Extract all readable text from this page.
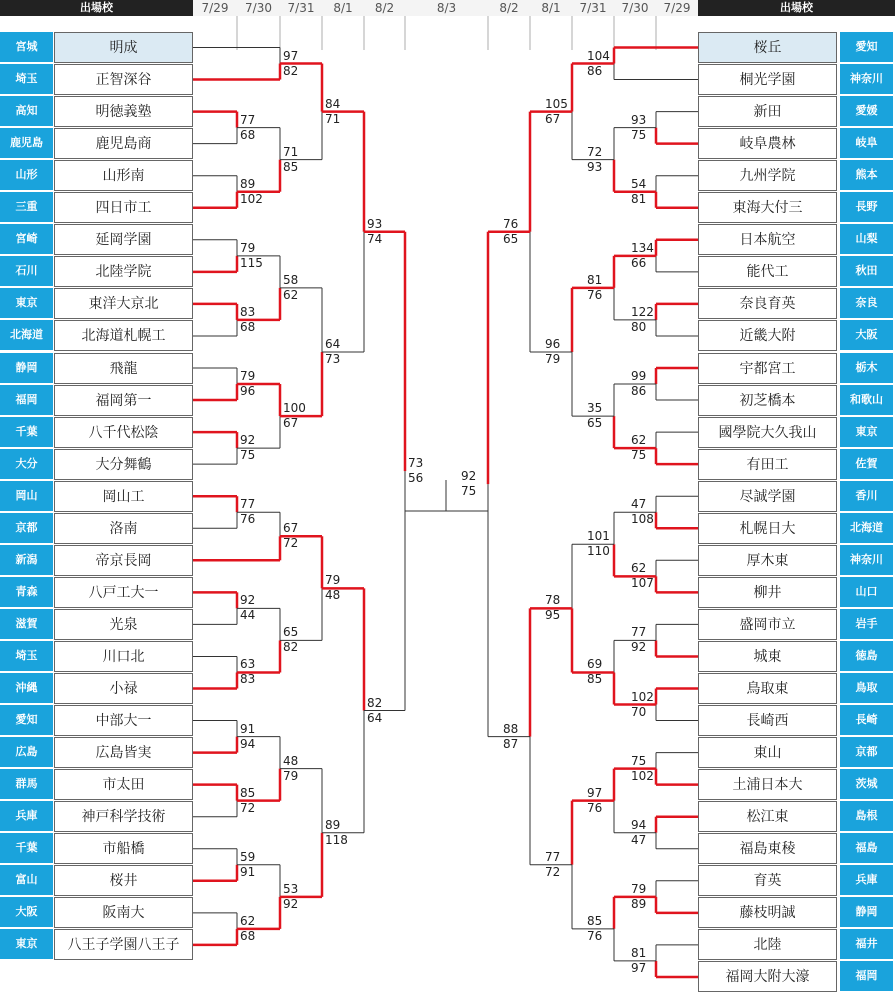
出場校	出場校
7/29	7/30	7/31	8/1	8/2	8/3	8/2	8/1	7/31	7/30	7/29
宮城	明成
埼玉	正智深谷
高知	明徳義塾
鹿児島	鹿児島商
山形	山形南
三重	四日市工
宮崎	延岡学園
石川	北陸学院
東京	東洋大京北
北海道	北海道札幌工
静岡	飛龍
福岡	福岡第一
千葉	八千代松陰
大分	大分舞鶴
岡山	岡山工
京都	洛南
新潟	帝京長岡
青森	八戸工大一
滋賀	光泉
埼玉	川口北
沖縄	小禄
愛知	中部大一
広島	広島皆実
群馬	市太田
兵庫	神戸科学技術
千葉	市船橋
富山	桜井
大阪	阪南大
東京	八王子学園八王子
桜丘	愛知
桐光学園	神奈川
新田	愛媛
岐阜農林	岐阜
九州学院	熊本
東海大付三	長野
日本航空	山梨
能代工	秋田
奈良育英	奈良
近畿大附	大阪
宇都宮工	栃木
初芝橋本	和歌山
國學院大久我山	東京
有田工	佐賀
尽誠学園	香川
札幌日大	北海道
厚木東	神奈川
柳井	山口
盛岡市立	岩手
城東	徳島
鳥取東	鳥取
長崎西	長崎
東山	京都
土浦日本大	茨城
松江東	島根
福島東稜	福島
育英	兵庫
藤枝明誠	静岡
北陸	福井
福岡大附大濠	福岡
77
68
89
102
79
115
83
68
79
96
92
75
77
76
92
44
63
83
91
94
85
72
59
91
62
68
97
82
71
85
58
62
100
67
67
72
65
82
48
79
53
92
84
71
64
73
79
48
89
118
93
74
82
64
73
56
93
75
54
81
134
66
122
80
99
86
62
75
47
108
62
107
77
92
102
70
75
102
94
47
79
89
81
97
104
86
72
93
81
76
35
65
101
110
69
85
97
76
85
76
105
67
96
79
78
95
77
72
76
65
88
87
92
75
